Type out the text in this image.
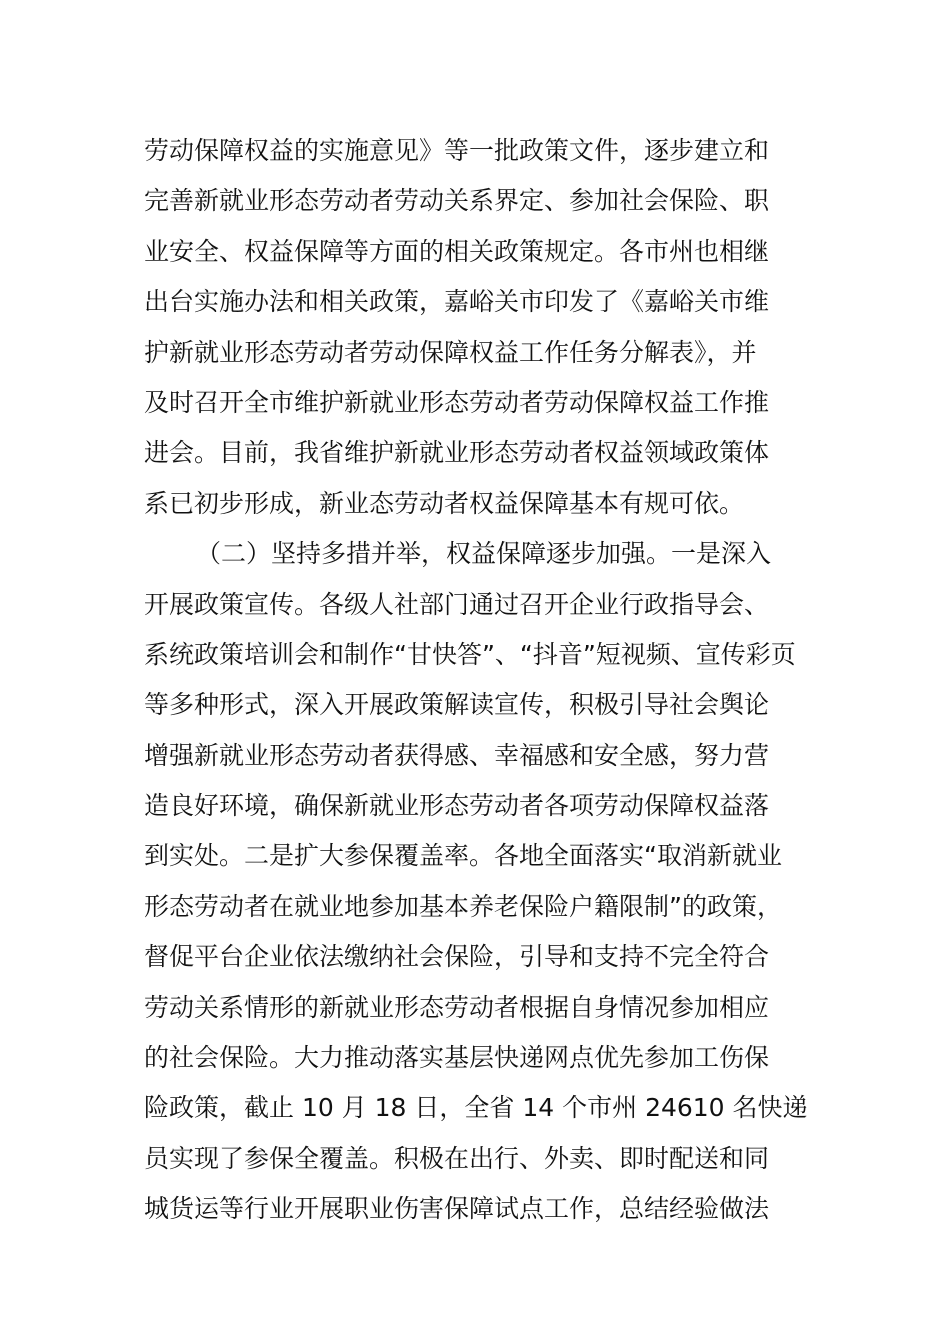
劳动保障权益的实施意见》等一批政策文件，逐步建立和
完善新就业形态劳动者劳动关系界定、参加社会保险、职
业安全、权益保障等方面的相关政策规定。各市州也相继
出台实施办法和相关政策，嘉峪关市印发了《嘉峪关市维
护新就业形态劳动者劳动保障权益工作任务分解表》，并
及时召开全市维护新就业形态劳动者劳动保障权益工作推
进会。目前，我省维护新就业形态劳动者权益领域政策体
系已初步形成，新业态劳动者权益保障基本有规可依。
（二）坚持多措并举，权益保障逐步加强。一是深入
开展政策宣传。各级人社部门通过召开企业行政指导会、
系统政策培训会和制作“甘快答”、“抖音”短视频、宣传彩页
等多种形式，深入开展政策解读宣传，积极引导社会舆论
增强新就业形态劳动者获得感、幸福感和安全感，努力营
造良好环境，确保新就业形态劳动者各项劳动保障权益落
到实处。二是扩大参保覆盖率。各地全面落实“取消新就业
形态劳动者在就业地参加基本养老保险户籍限制”的政策，
督促平台企业依法缴纳社会保险，引导和支持不完全符合
劳动关系情形的新就业形态劳动者根据自身情况参加相应
的社会保险。大力推动落实基层快递网点优先参加工伤保
险政策，截止 10 月 18 日，全省 14 个市州 24610 名快递
员实现了参保全覆盖。积极在出行、外卖、即时配送和同
城货运等行业开展职业伤害保障试点工作，总结经验做法
